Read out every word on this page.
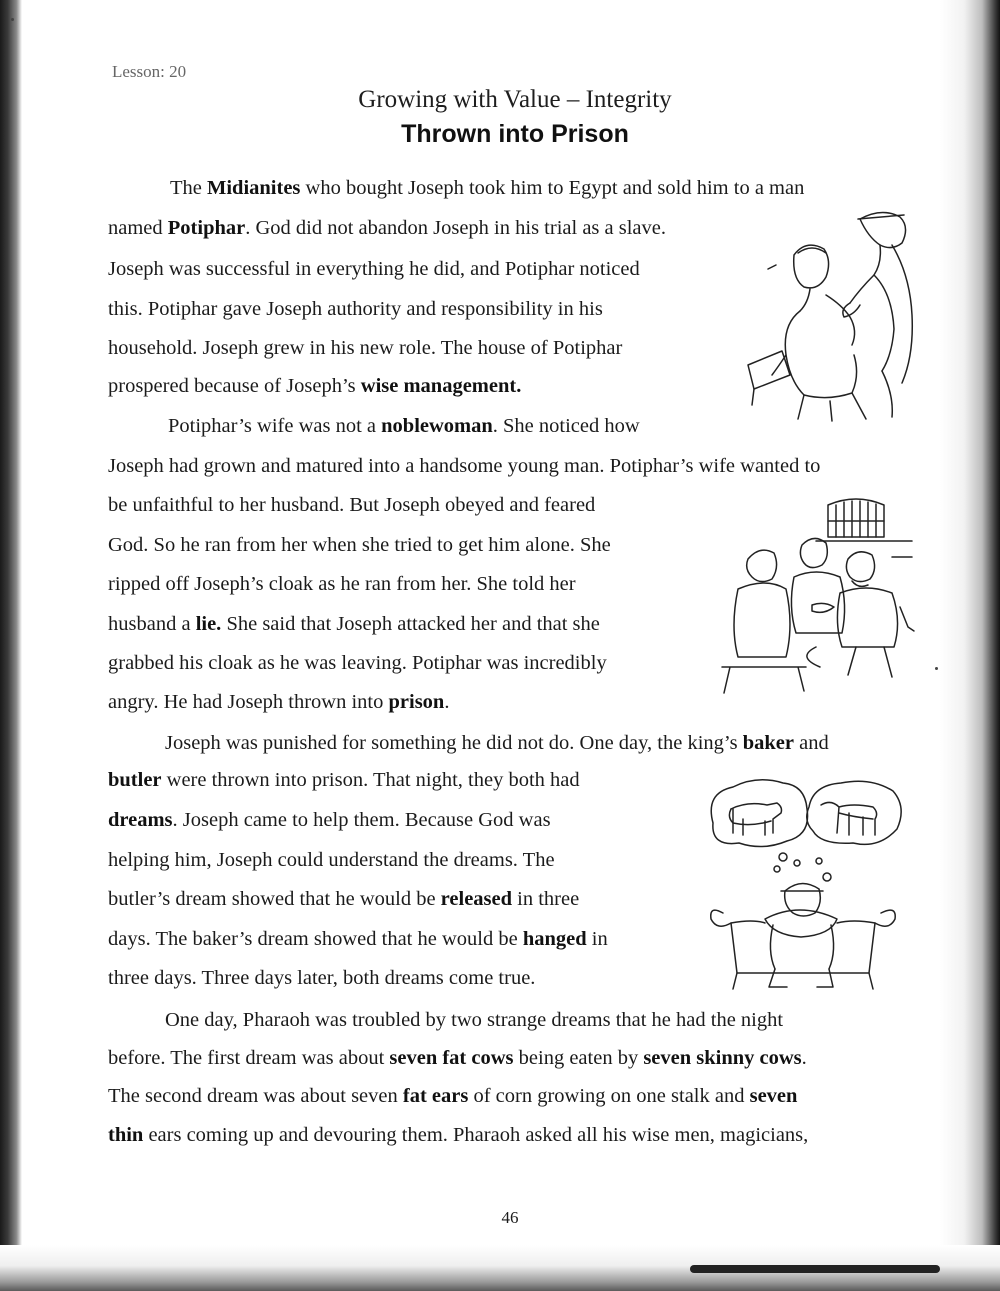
Lesson: 20
Growing with Value – Integrity
Thrown into Prison
The Midianites who bought Joseph took him to Egypt and sold him to a man
named Potiphar. God did not abandon Joseph in his trial as a slave.
Joseph was successful in everything he did, and Potiphar noticed
this. Potiphar gave Joseph authority and responsibility in his
household. Joseph grew in his new role. The house of Potiphar
prospered because of Joseph’s wise management.
Potiphar’s wife was not a noblewoman. She noticed how
Joseph had grown and matured into a handsome young man. Potiphar’s wife wanted to
be unfaithful to her husband. But Joseph obeyed and feared
God. So he ran from her when she tried to get him alone. She
ripped off Joseph’s cloak as he ran from her. She told her
husband a lie. She said that Joseph attacked her and that she
grabbed his cloak as he was leaving. Potiphar was incredibly
angry. He had Joseph thrown into prison.
Joseph was punished for something he did not do. One day, the king’s baker and
butler were thrown into prison. That night, they both had
dreams. Joseph came to help them. Because God was
helping him, Joseph could understand the dreams. The
butler’s dream showed that he would be released in three
days. The baker’s dream showed that he would be hanged in
three days. Three days later, both dreams come true.
One day, Pharaoh was troubled by two strange dreams that he had the night
before. The first dream was about seven fat cows being eaten by seven skinny cows.
The second dream was about seven fat ears of corn growing on one stalk and seven
thin ears coming up and devouring them. Pharaoh asked all his wise men, magicians,
46
